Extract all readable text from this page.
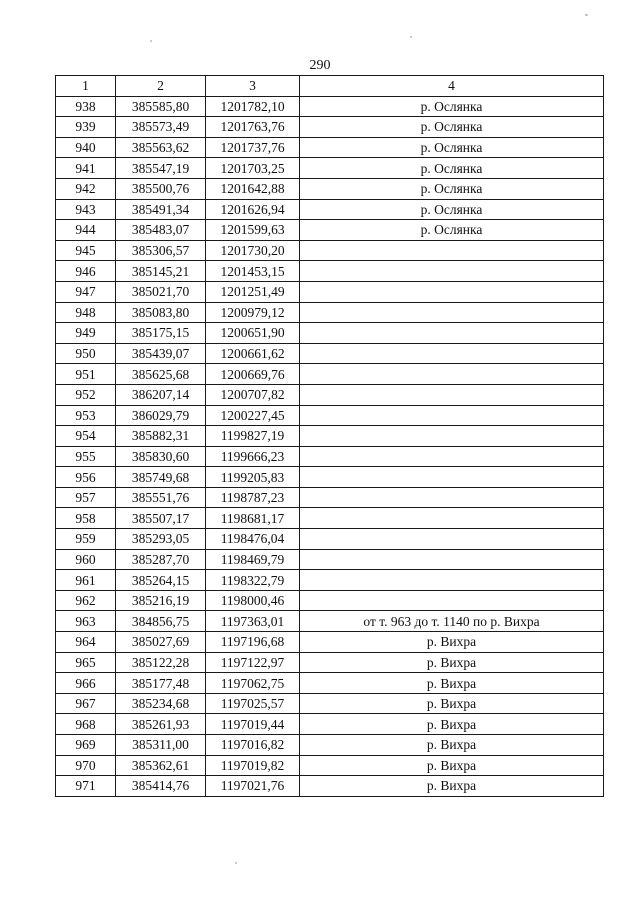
290
1	2	3	4
938	385585,80	1201782,10	р. Ослянка
939	385573,49	1201763,76	р. Ослянка
940	385563,62	1201737,76	р. Ослянка
941	385547,19	1201703,25	р. Ослянка
942	385500,76	1201642,88	р. Ослянка
943	385491,34	1201626,94	р. Ослянка
944	385483,07	1201599,63	р. Ослянка
945	385306,57	1201730,20	
946	385145,21	1201453,15	
947	385021,70	1201251,49	
948	385083,80	1200979,12	
949	385175,15	1200651,90	
950	385439,07	1200661,62	
951	385625,68	1200669,76	
952	386207,14	1200707,82	
953	386029,79	1200227,45	
954	385882,31	1199827,19	
955	385830,60	1199666,23	
956	385749,68	1199205,83	
957	385551,76	1198787,23	
958	385507,17	1198681,17	
959	385293,05	1198476,04	
960	385287,70	1198469,79	
961	385264,15	1198322,79	
962	385216,19	1198000,46	
963	384856,75	1197363,01	от т. 963 до т. 1140 по р. Вихра
964	385027,69	1197196,68	р. Вихра
965	385122,28	1197122,97	р. Вихра
966	385177,48	1197062,75	р. Вихра
967	385234,68	1197025,57	р. Вихра
968	385261,93	1197019,44	р. Вихра
969	385311,00	1197016,82	р. Вихра
970	385362,61	1197019,82	р. Вихра
971	385414,76	1197021,76	р. Вихра
